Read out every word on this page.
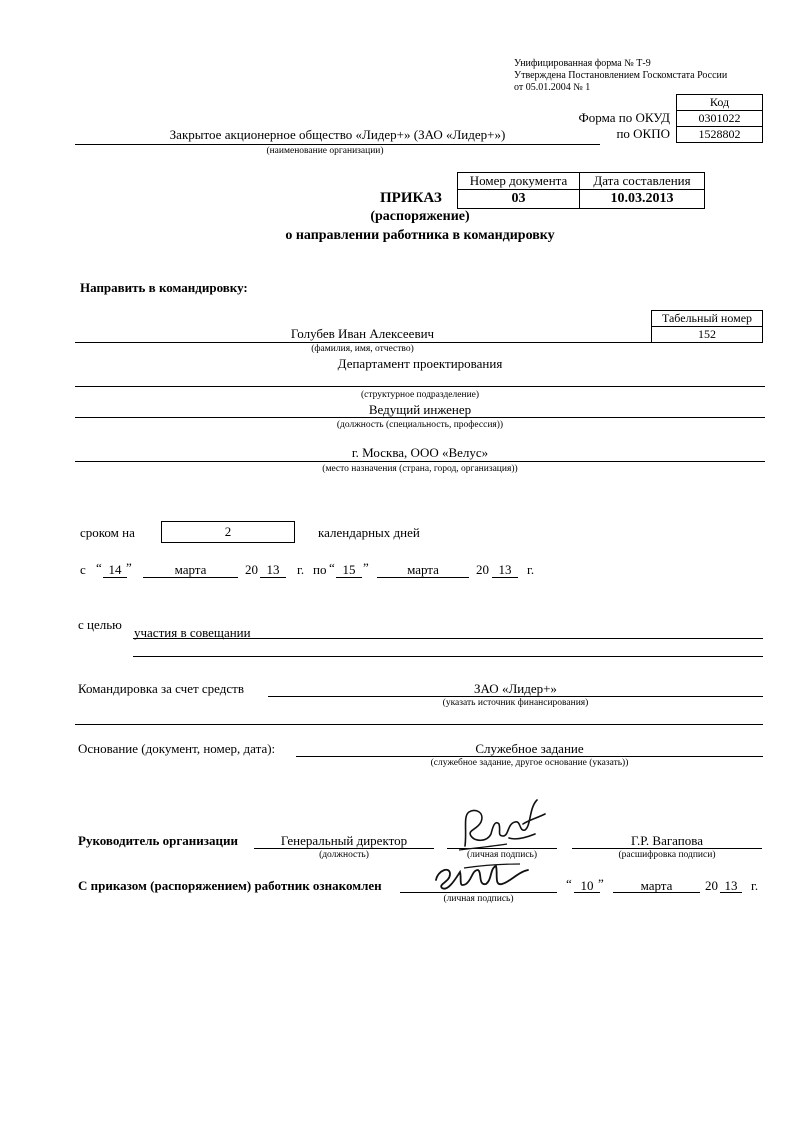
Унифицированная форма № Т-9
Утверждена Постановлением Госкомстата России
от 05.01.2004 № 1
Код
0301022
1528802
Форма по ОКУД
по ОКПО
Закрытое акционерное общество «Лидер+» (ЗАО «Лидер+»)
(наименование организации)
Номер документа	Дата составления
03	10.03.2013
ПРИКАЗ
(распоряжение)
о направлении работника в командировку
Направить в командировку:
Табельный номер
152
Голубев Иван Алексеевич
(фамилия, имя, отчество)
Департамент проектирования
(структурное подразделение)
Ведущий инженер
(должность (специальность, профессия))
г. Москва, ООО «Велус»
(место назначения (страна, город, организация))
сроком на	2	календарных дней
с “ 14 ”	марта	20 13	г. по “ 15 ”	марта	20 13	г.
с целью
участия в совещании
Командировка за счет средств	ЗАО «Лидер+»
(указать источник финансирования)
Основание (документ, номер, дата):	Служебное задание
(служебное задание, другое основание (указать))
Руководитель организации	Генеральный директор
(должность)	(личная подпись)
Г.Р. Вагапова
(расшифровка подписи)
С приказом (распоряжением) работник ознакомлен
(личная подпись)
“ 10 ”	марта	20 13	г.
